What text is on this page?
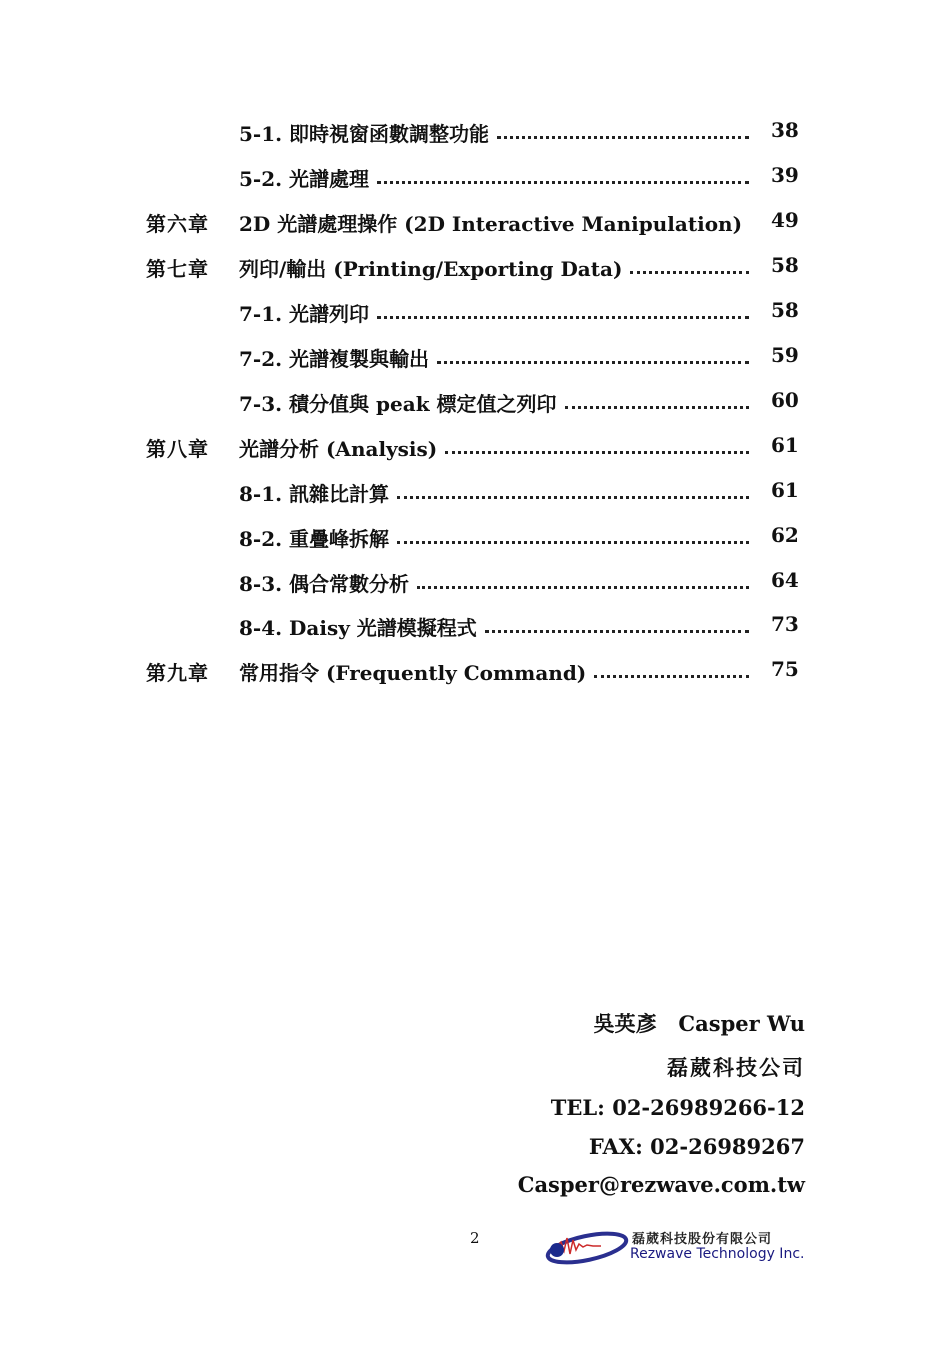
5-1. 即時視窗函數調整功能	38
5-2. 光譜處理	39
第六章 2D 光譜處理操作 (2D Interactive Manipulation) 49
第七章 列印/輸出 (Printing/Exporting Data)	58
7-1. 光譜列印	58
7-2. 光譜複製與輸出	59
7-3. 積分值與 peak 標定值之列印	60
第八章 光譜分析 (Analysis)	61
8-1. 訊雜比計算	61
8-2. 重疊峰拆解	62
8-3. 偶合常數分析	64
8-4. Daisy 光譜模擬程式	73
第九章 常用指令 (Frequently Command)	75
吳英彥 Casper Wu
磊葳科技公司
TEL: 02-26989266-12
FAX: 02-26989267
Casper@rezwave.com.tw
2	磊葳科技股份有限公司
Rezwave Technology Inc.
